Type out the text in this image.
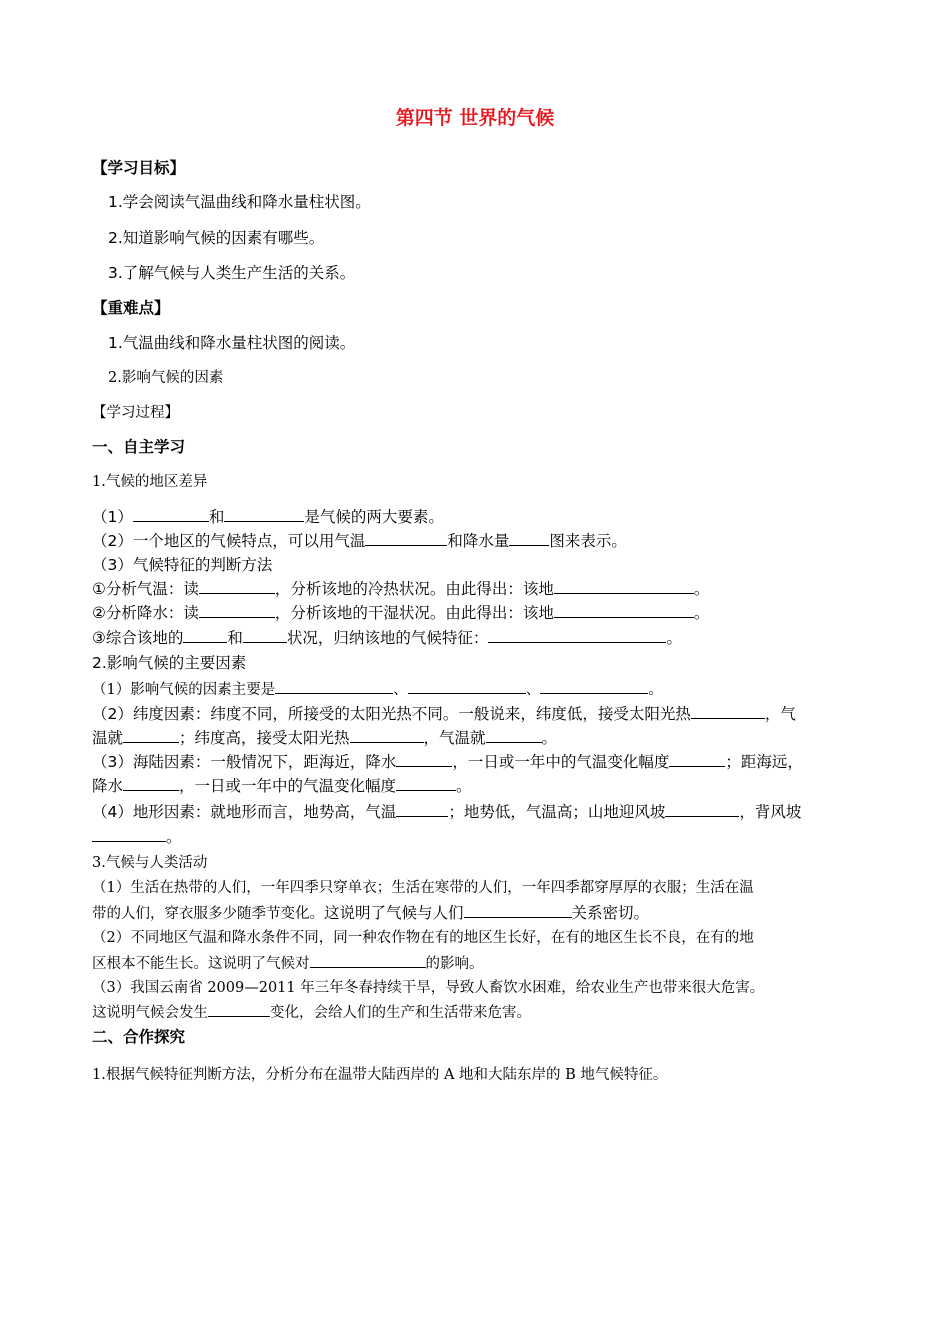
第四节 世界的气候
【学习目标】
1.学会阅读气温曲线和降水量柱状图。
2.知道影响气候的因素有哪些。
3.了解气候与人类生产生活的关系。
【重难点】
1.气温曲线和降水量柱状图的阅读。
2.影响气候的因素
【学习过程】
一、自主学习
1.气候的地区差异
（1）	和	是气候的两大要素。
（2）一个地区的气候特点，可以用气温	和降水量	图来表示。
（3）气候特征的判断方法
①分析气温：读	，分析该地的冷热状况。由此得出：该地	。
②分析降水：读	，分析该地的干湿状况。由此得出：该地	。
③综合该地的	和	状况，归纳该地的气候特征：	。
2.影响气候的主要因素
（1）影响气候的因素主要是	、	、	。
（2）纬度因素：纬度不同，所接受的太阳光热不同。一般说来，纬度低，接受太阳光热	，气
温就	；纬度高，接受太阳光热	，气温就	。
（3）海陆因素：一般情况下，距海近，降水	，一日或一年中的气温变化幅度	；距海远，
降水	，一日或一年中的气温变化幅度	。
（4）地形因素：就地形而言，地势高，气温	；地势低，气温高；山地迎风坡	，背风坡
。
3.气候与人类活动
（1）生活在热带的人们，一年四季只穿单衣；生活在寒带的人们，一年四季都穿厚厚的衣服；生活在温
带的人们，穿衣服多少随季节变化。这说明了气候与人们	关系密切。
（2）不同地区气温和降水条件不同，同一种农作物在有的地区生长好，在有的地区生长不良，在有的地
区根本不能生长。这说明了气候对	的影响。
（3）我国云南省 2009—2011 年三年冬春持续干旱，导致人畜饮水困难，给农业生产也带来很大危害。
这说明气候会发生	变化，会给人们的生产和生活带来危害。
二、合作探究
1.根据气候特征判断方法，分析分布在温带大陆西岸的 A 地和大陆东岸的 B 地气候特征。
